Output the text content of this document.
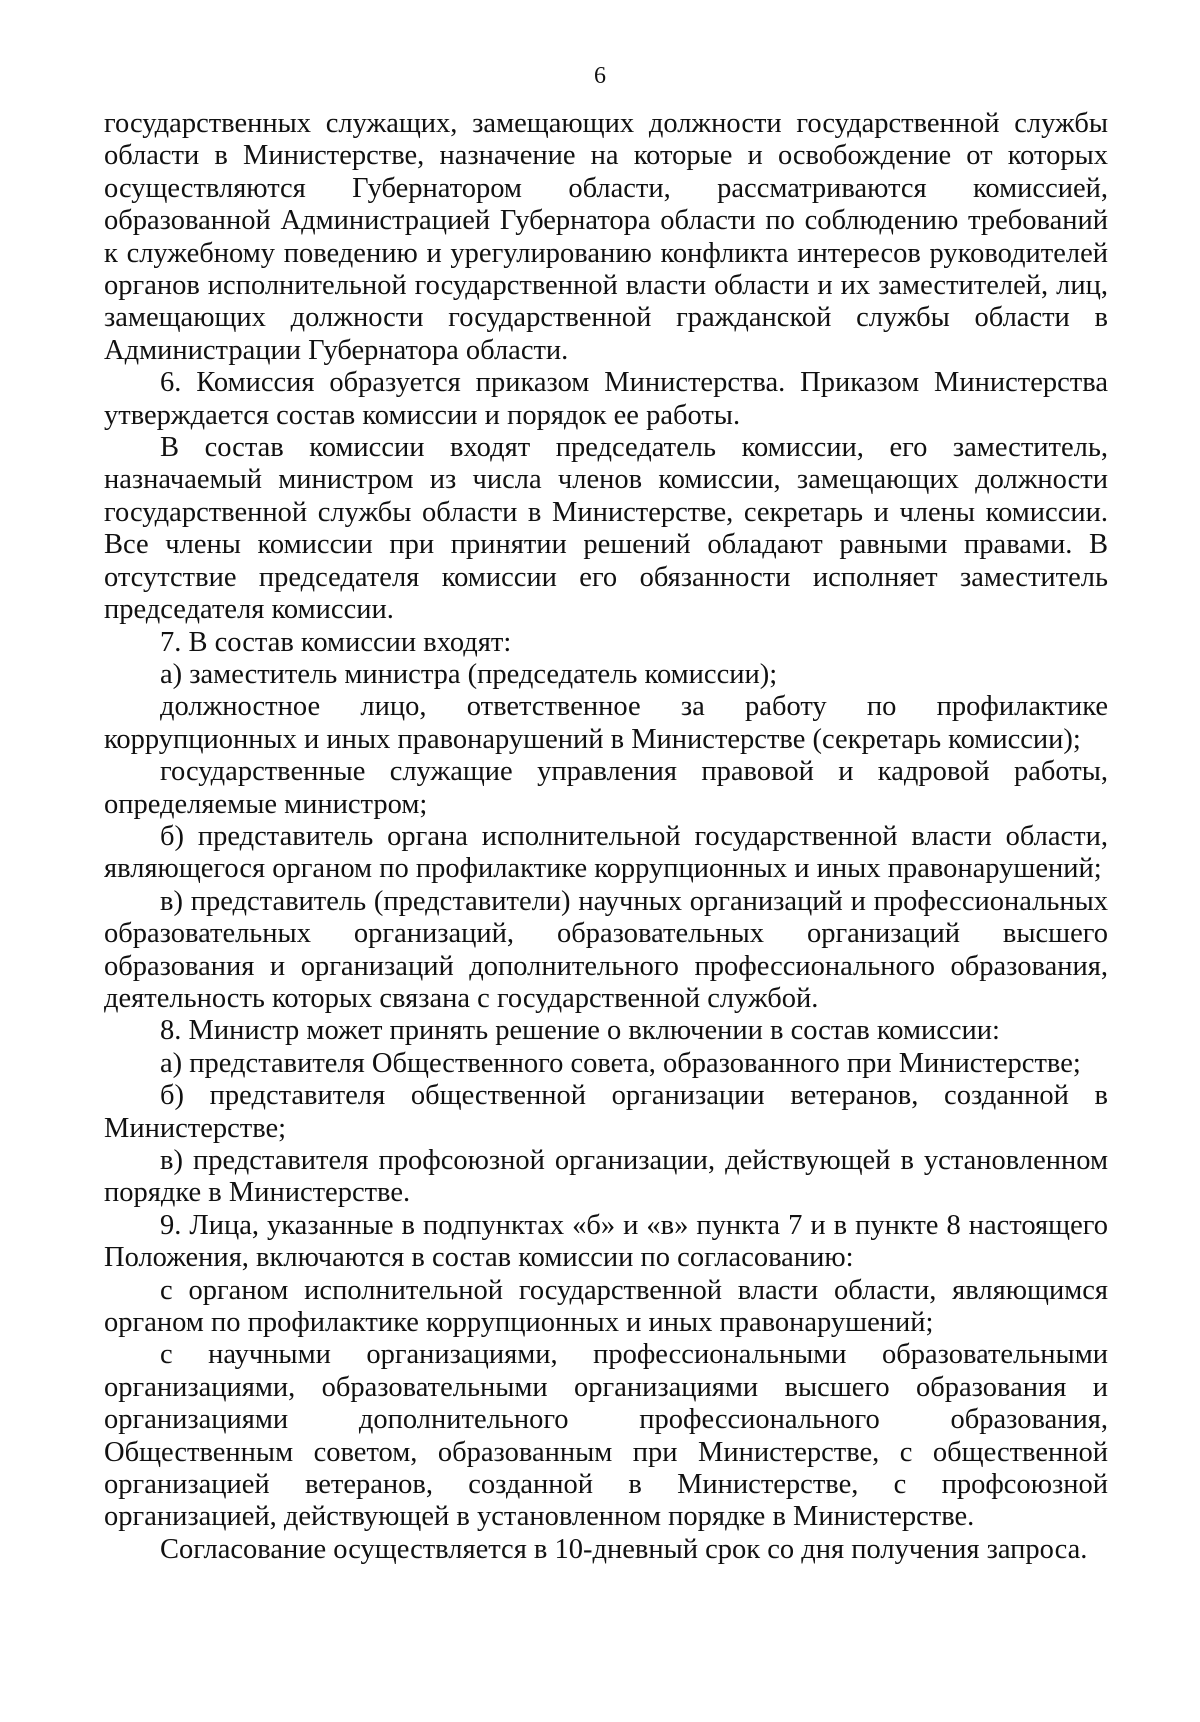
6

государственных служащих, замещающих должности государственной службы области в Министерстве, назначение на которые и освобождение от которых осуществляются Губернатором области, рассматриваются комиссией, образованной Администрацией Губернатора области по соблюдению требований к служебному поведению и урегулированию конфликта интересов руководителей органов исполнительной государственной власти области и их заместителей, лиц, замещающих должности государственной гражданской службы области в Администрации Губернатора области.

6. Комиссия образуется приказом Министерства. Приказом Министерства утверждается состав комиссии и порядок ее работы.

В состав комиссии входят председатель комиссии, его заместитель, назначаемый министром из числа членов комиссии, замещающих должности государственной службы области в Министерстве, секретарь и члены комиссии. Все члены комиссии при принятии решений обладают равными правами. В отсутствие председателя комиссии его обязанности исполняет заместитель председателя комиссии.

7. В состав комиссии входят:

а) заместитель министра (председатель комиссии);

должностное лицо, ответственное за работу по профилактике коррупционных и иных правонарушений в Министерстве (секретарь комиссии);

государственные служащие управления правовой и кадровой работы, определяемые министром;

б) представитель органа исполнительной государственной власти области, являющегося органом по профилактике коррупционных и иных правонарушений;

в) представитель (представители) научных организаций и профессиональных образовательных организаций, образовательных организаций высшего образования и организаций дополнительного профессионального образования, деятельность которых связана с государственной службой.

8. Министр может принять решение о включении в состав комиссии:

а) представителя Общественного совета, образованного при Министерстве;

б) представителя общественной организации ветеранов, созданной в Министерстве;

в) представителя профсоюзной организации, действующей в установленном порядке в Министерстве.

9. Лица, указанные в подпунктах «б» и «в» пункта 7 и в пункте 8 настоящего Положения, включаются в состав комиссии по согласованию:

с органом исполнительной государственной власти области, являющимся органом по профилактике коррупционных и иных правонарушений;

с научными организациями, профессиональными образовательными организациями, образовательными организациями высшего образования и организациями дополнительного профессионального образования, Общественным советом, образованным при Министерстве, с общественной организацией ветеранов, созданной в Министерстве, с профсоюзной организацией, действующей в установленном порядке в Министерстве.

Согласование осуществляется в 10-дневный срок со дня получения запроса.
